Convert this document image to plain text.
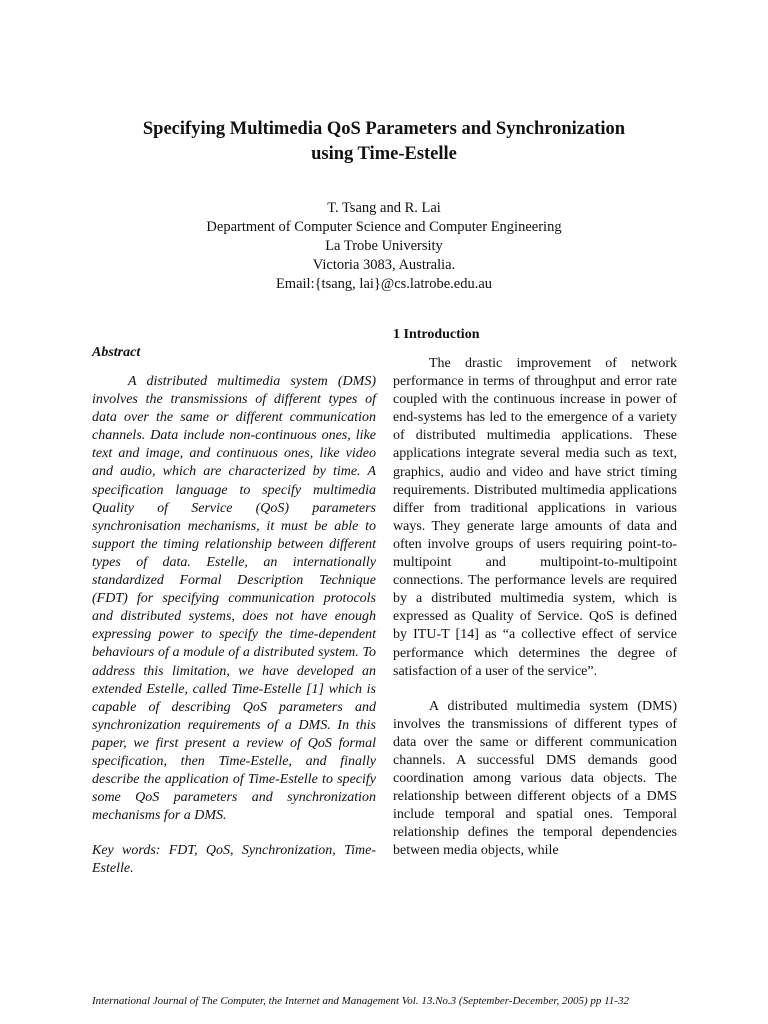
Specifying Multimedia QoS Parameters and Synchronization
using Time-Estelle
T. Tsang and R. Lai
Department of Computer Science and Computer Engineering
La Trobe University
Victoria 3083, Australia.
Email:{tsang, lai}@cs.latrobe.edu.au
Abstract

A distributed multimedia system (DMS) involves the transmissions of different types of data over the same or different communication channels. Data include non-continuous ones, like text and image, and continuous ones, like video and audio, which are characterized by time. A specification language to specify multimedia Quality of Service (QoS) parameters synchronisation mechanisms, it must be able to support the timing relationship between different types of data. Estelle, an internationally standardized Formal Description Technique (FDT) for specifying communication protocols and distributed systems, does not have enough expressing power to specify the time-dependent behaviours of a module of a distributed system. To address this limitation, we have developed an extended Estelle, called Time-Estelle [1] which is capable of describing QoS parameters and synchronization requirements of a DMS. In this paper, we first present a review of QoS formal specification, then Time-Estelle, and finally describe the application of Time-Estelle to specify some QoS parameters and synchronization mechanisms for a DMS.

Key words: FDT, QoS, Synchronization, Time-Estelle.

1 Introduction

The drastic improvement of network performance in terms of throughput and error rate coupled with the continuous increase in power of end-systems has led to the emergence of a variety of distributed multimedia applications. These applications integrate several media such as text, graphics, audio and video and have strict timing requirements. Distributed multimedia applications differ from traditional applications in various ways. They generate large amounts of data and often involve groups of users requiring point-to-multipoint and multipoint-to-multipoint connections. The performance levels are required by a distributed multimedia system, which is expressed as Quality of Service. QoS is defined by ITU-T [14] as “a collective effect of service performance which determines the degree of satisfaction of a user of the service”.

A distributed multimedia system (DMS) involves the transmissions of different types of data over the same or different communication channels. A successful DMS demands good coordination among various data objects. The relationship between different objects of a DMS include temporal and spatial ones. Temporal relationship defines the temporal dependencies between media objects, while

International Journal of The Computer, the Internet and Management Vol. 13.No.3 (September-December, 2005) pp 11-32
